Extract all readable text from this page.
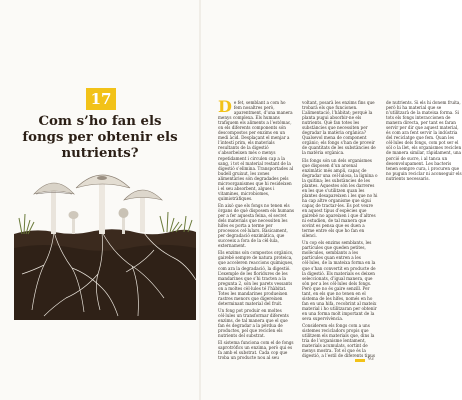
17
Com s’ho fan els fongs per obtenir els nutrients?

De fet, semblant a com ho fem nosaltres però, aparentment, d’una manera menys complexa. Els humans trafiquem els aliments a l’estómac, on els diferents components són descompostos per enzims en un medi àcid. Desplaçant el menjar a l’intestí prim, els materials resultants de la digestió s’absorbeixen més o menys repetidament i circulen cap a la sang, i tot el material restant de la digestió s’elimina. Transportades al budell gruixut, les zones alimentàries són degradades pels microorganismes que hi resideixen i el seu absorbent, algues i vitamines, microbiomes, quimiotràfiques.

En això que els fongs no tenen els òrgans de què disposem els humans per a fer aquesta feina, el secret dels materials que necessiten les hifes es porta a terme per processos cel·lulars. Bàsicament, per degradació enzimàtica, que succeeix a fora de la cèl·lula, externament.

Els enzims són compostos orgànics, gairebé sempre de natura proteica, que acceleren reaccions químiques, com ara la degradació, la digestió. L’exemple de les floridures de les mandarines que s’hi tracten a la pregunta 2, són les parets vessants on a moltes cèl·lules té l’hàbitat. Totes les mandarines produeixen rastres menors que digereixen determinant material del fruit.

Un fong pot produir en moltes cèl·lules un transformar diferents enzims, de tal manera que el que fan és degradar a la pèrdua de productes, pel que reciclen els nutrients del substrat.

El sistema funciona com el de fongs saprotròfics un enzima, però qui es fa amb el substrat. Cada cop que troba un producte nou al seu voltant, posarà les enzims fins que trobarà els que funcionen. L’alimentació, l’hàbitat; perquè la planta pugui absorbir-ne els nutrients. Què fan totes les substàncies que necessiten per degradar la matèria orgànica? Qualsevol mena de component orgànic; els fongs s’han de proveir de quantitats de les substàncies de la matèria orgànica.

Els fongs són un dels organismes que disposen d’un arsenal enzimàtic més ampli, capaç de degradar una cel·lulosa, la lignina o la quitina; les substàncies de les plantes. Aquestes són les darreres en les que s’utilitzen quan les plantes desapareixen i les que no hi ha cap altre organisme que sigui capaç de tractar-les. Es pot veure en aquest tipus d’espècies que gairebé no apareixen i que d’altres ni estudien, de tal manera que sovint es pensa que es duen a terme entre els que ho fan en silenci.

Un cop els enzims semblants, les partícules que queden petites, molècules, semblants a les partícules quan entren a les cèl·lules, de la mateixa forma en la que s’han convertit en producte de la digestió. Els materials es deixen seleccionats, d’igual manera, que són per a les cèl·lules dels fongs. Però que no és gaire senzill. Per tant, en els que no tenen en el sistema de les hifes, només en ho fan en una hifa, recobrint al mateix material i ho utilitzaran per obtenir en una forma molt important de la seva supervivència.

Considerem els fongs com a uns sistemes recicladors propis que utilitzem els materials que, dins la tria de l’organisme lentament, materials acumulats, sortint de menys mostra. Tot el que és la digestió, a l’estil de diferents tipus de nutrients. Si els hi donem fruita, però hi ha material que se n’utilitzarà de la mateixa forma. Si tots els fongs interaccionen de manera directa, per tant es faran servir per dir que aquest material, és com ara fent servir la indústria del reciclatge que fem. Quan les cèl·lules dels fongs, com pot ser el sòl o la llet, els organismes reciclen de manera similar, ràpidament, una porció de sucre, i al tanca un desenvolupament. Les bacteris tenen sempre cura, i procuren que no puguin reciclar ni aconseguir els nutrients necessaris.

93
